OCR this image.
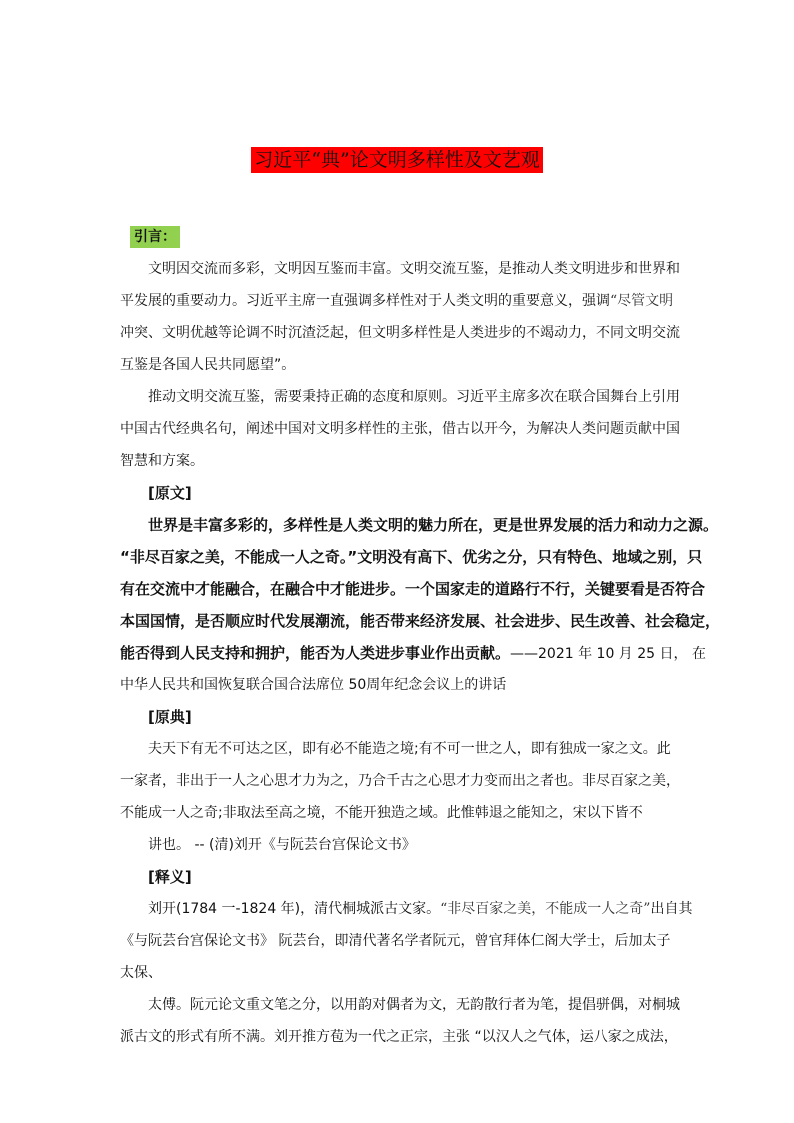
习近平“典”论文明多样性及文艺观
引言：
文明因交流而多彩，文明因互鉴而丰富。文明交流互鉴，是推动人类文明进步和世界和
平发展的重要动力。习近平主席一直强调多样性对于人类文明的重要意义，强调“尽管文明
冲突、文明优越等论调不时沉渣泛起，但文明多样性是人类进步的不竭动力，不同文明交流
互鉴是各国人民共同愿望”。
推动文明交流互鉴，需要秉持正确的态度和原则。习近平主席多次在联合国舞台上引用
中国古代经典名句，阐述中国对文明多样性的主张，借古以开今，为解决人类问题贡献中国
智慧和方案。
[原文]
世界是丰富多彩的，多样性是人类文明的魅力所在，更是世界发展的活力和动力之源。
“非尽百家之美，不能成一人之奇。”文明没有高下、优劣之分，只有特色、地域之别，只
有在交流中才能融合，在融合中才能进步。一个国家走的道路行不行，关键要看是否符合
本国国情，是否顺应时代发展潮流，能否带来经济发展、社会进步、民生改善、社会稳定，
能否得到人民支持和拥护，能否为人类进步事业作出贡献。——2021 年 10 月 25 日， 在
中华人民共和国恢复联合国合法席位 50周年纪念会议上的讲话
[原典]
夫天下有无不可达之区，即有必不能造之境;有不可一世之人，即有独成一家之文。此
一家者，非出于一人之心思才力为之，乃合千古之心思才力变而出之者也。非尽百家之美，
不能成一人之奇;非取法至高之境，不能开独造之域。此惟韩退之能知之，宋以下皆不
讲也。 -- (清)刘开《与阮芸台宫保论文书》
[释义]
刘开(1784 一-1824 年)，清代桐城派古文家。“非尽百家之美，不能成一人之奇”出自其
《与阮芸台宫保论文书》 阮芸台，即清代著名学者阮元，曾官拜体仁阁大学士，后加太子
太保、
太傅。阮元论文重文笔之分，以用韵对偶者为文，无韵散行者为笔，提倡骈偶，对桐城
派古文的形式有所不满。刘开推方苞为一代之正宗，主张 “以汉人之气体，运八家之成法，
